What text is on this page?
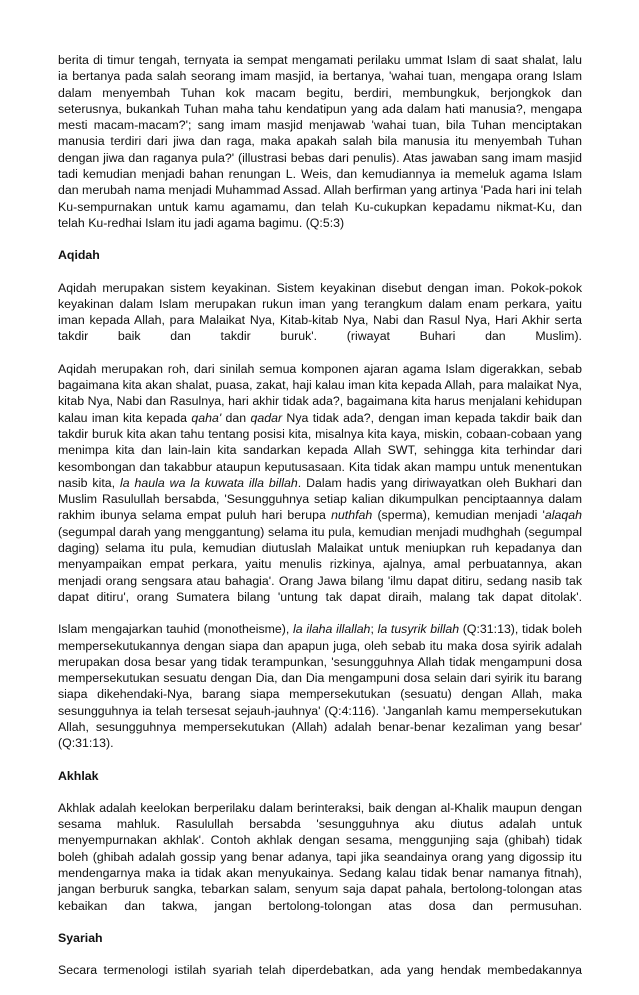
berita di timur tengah, ternyata ia sempat mengamati perilaku ummat Islam di saat shalat, lalu ia bertanya pada salah seorang imam masjid, ia bertanya, 'wahai tuan, mengapa orang Islam dalam menyembah Tuhan kok macam begitu, berdiri, membungkuk, berjongkok dan seterusnya, bukankah Tuhan maha tahu kendatipun yang ada dalam hati manusia?, mengapa mesti macam-macam?'; sang imam masjid menjawab 'wahai tuan, bila Tuhan menciptakan manusia terdiri dari jiwa dan raga, maka apakah salah bila manusia itu menyembah Tuhan dengan jiwa dan raganya pula?' (illustrasi bebas dari penulis). Atas jawaban sang imam masjid tadi kemudian menjadi bahan renungan L. Weis, dan kemudiannya ia memeluk agama Islam dan merubah nama menjadi Muhammad Assad. Allah berfirman yang artinya 'Pada hari ini telah Ku-sempurnakan untuk kamu agamamu, dan telah Ku-cukupkan kepadamu nikmat-Ku, dan telah Ku-redhai Islam itu jadi agama bagimu. (Q:5:3)
Aqidah
Aqidah merupakan sistem keyakinan. Sistem keyakinan disebut dengan iman. Pokok-pokok keyakinan dalam Islam merupakan rukun iman yang terangkum dalam enam perkara, yaitu iman kepada Allah, para Malaikat Nya, Kitab-kitab Nya, Nabi dan Rasul Nya, Hari Akhir serta takdir baik dan takdir buruk'. (riwayat Buhari dan Muslim).
Aqidah merupakan roh, dari sinilah semua komponen ajaran agama Islam digerakkan, sebab bagaimana kita akan shalat, puasa, zakat, haji kalau iman kita kepada Allah, para malaikat Nya, kitab Nya, Nabi dan Rasulnya, hari akhir tidak ada?, bagaimana kita harus menjalani kehidupan kalau iman kita kepada qaha' dan qadar Nya tidak ada?, dengan iman kepada takdir baik dan takdir buruk kita akan tahu tentang posisi kita, misalnya kita kaya, miskin, cobaan-cobaan yang menimpa kita dan lain-lain kita sandarkan kepada Allah SWT, sehingga kita terhindar dari kesombongan dan takabbur ataupun keputusasaan. Kita tidak akan mampu untuk menentukan nasib kita, la haula wa la kuwata illa billah. Dalam hadis yang diriwayatkan oleh Bukhari dan Muslim Rasulullah bersabda, 'Sesungguhnya setiap kalian dikumpulkan penciptaannya dalam rakhim ibunya selama empat puluh hari berupa nuthfah (sperma), kemudian menjadi 'alaqah (segumpal darah yang menggantung) selama itu pula, kemudian menjadi mudhghah (segumpal daging) selama itu pula, kemudian diutuslah Malaikat untuk meniupkan ruh kepadanya dan menyampaikan empat perkara, yaitu menulis rizkinya, ajalnya, amal perbuatannya, akan menjadi orang sengsara atau bahagia'. Orang Jawa bilang 'ilmu dapat ditiru, sedang nasib tak dapat ditiru', orang Sumatera bilang 'untung tak dapat diraih, malang tak dapat ditolak'.
Islam mengajarkan tauhid (monotheisme), la ilaha illallah; la tusyrik billah (Q:31:13), tidak boleh mempersekutukannya dengan siapa dan apapun juga, oleh sebab itu maka dosa syirik adalah merupakan dosa besar yang tidak terampunkan, 'sesungguhnya Allah tidak mengampuni dosa mempersekutukan sesuatu dengan Dia, dan Dia mengampuni dosa selain dari syirik itu barang siapa dikehendaki-Nya, barang siapa mempersekutukan (sesuatu) dengan Allah, maka sesungguhnya ia telah tersesat sejauh-jauhnya' (Q:4:116). 'Janganlah kamu mempersekutukan Allah, sesungguhnya mempersekutukan (Allah) adalah benar-benar kezaliman yang besar' (Q:31:13).
Akhlak
Akhlak adalah keelokan berperilaku dalam berinteraksi, baik dengan al-Khalik maupun dengan sesama mahluk. Rasulullah bersabda 'sesungguhnya aku diutus adalah untuk menyempurnakan akhlak'. Contoh akhlak dengan sesama, menggunjing saja (ghibah) tidak boleh (ghibah adalah gossip yang benar adanya, tapi jika seandainya orang yang digossip itu mendengarnya maka ia tidak akan menyukainya. Sedang kalau tidak benar namanya fitnah), jangan berburuk sangka, tebarkan salam, senyum saja dapat pahala, bertolong-tolongan atas kebaikan dan takwa, jangan bertolong-tolongan atas dosa dan permusuhan.
Syariah
Secara termenologi istilah syariah telah diperdebatkan, ada yang hendak membedakannya
